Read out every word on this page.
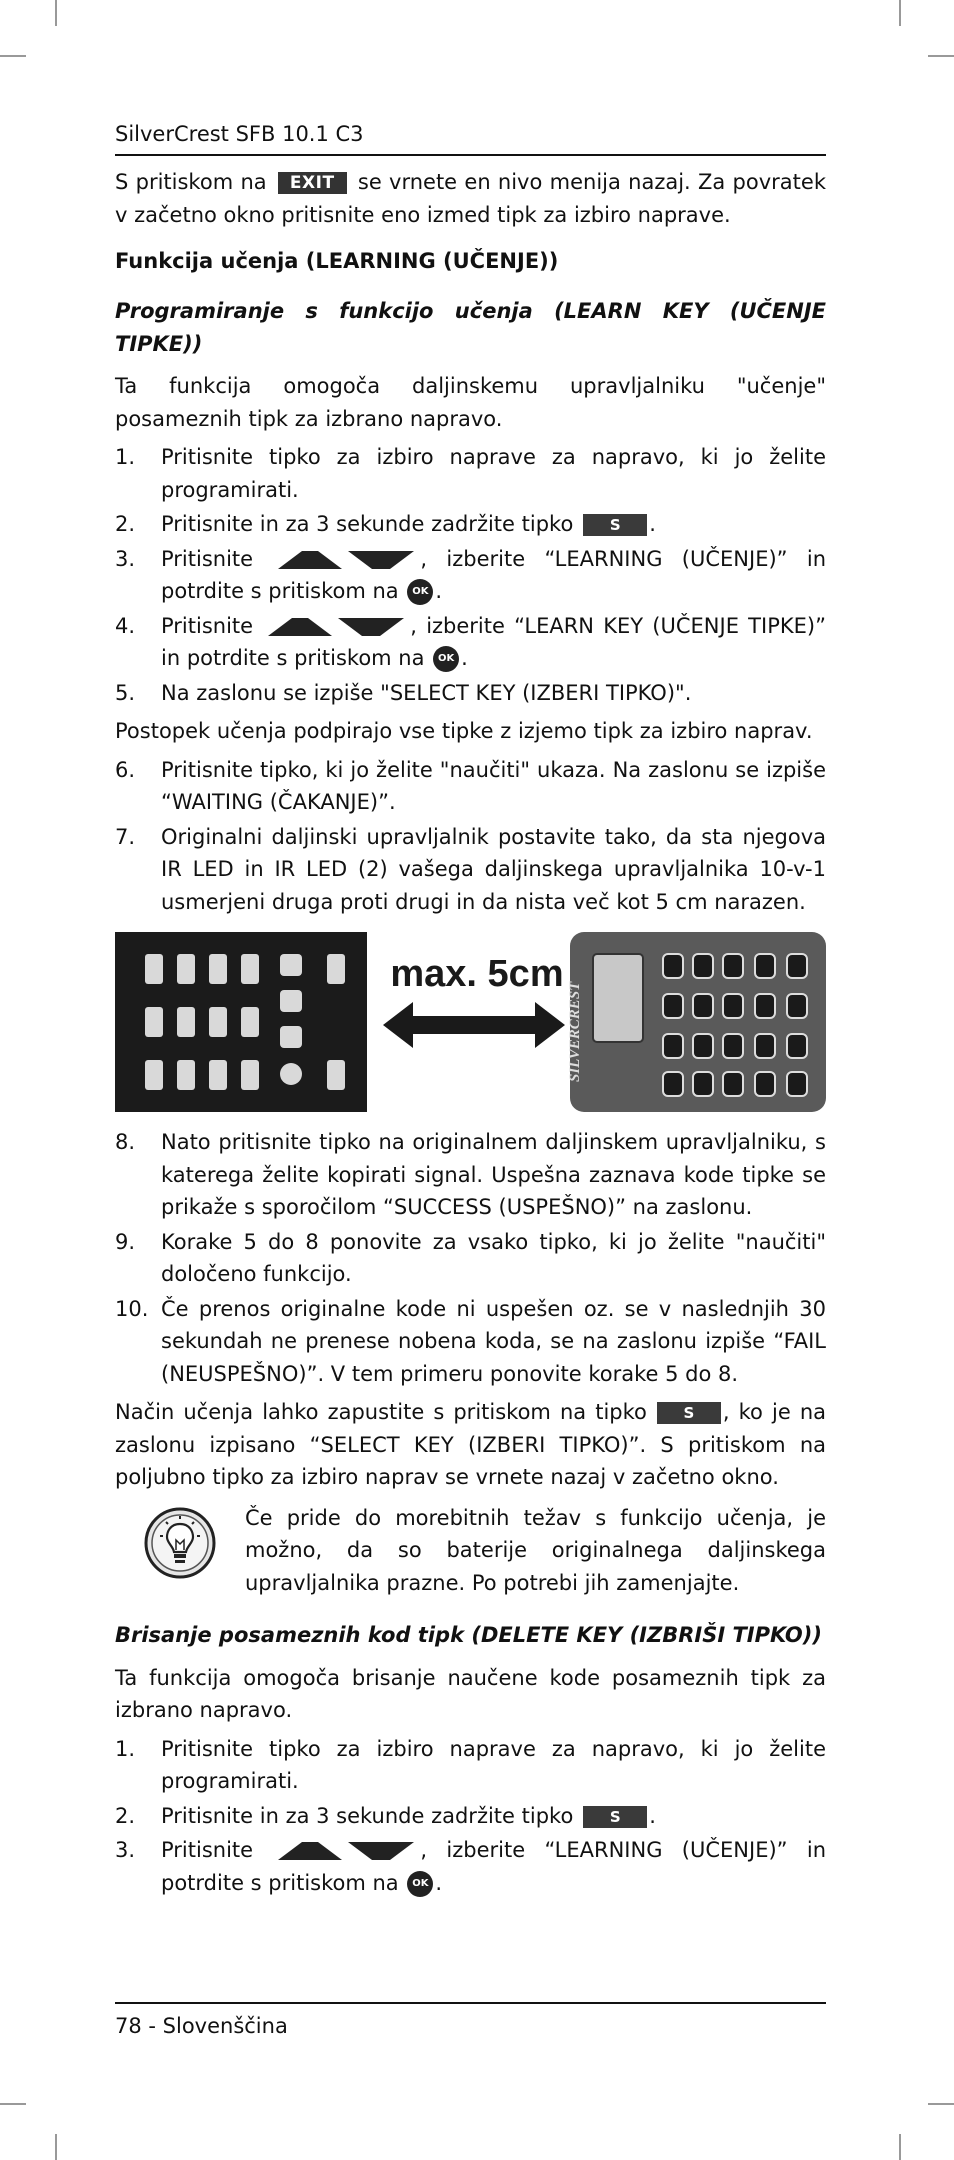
SilverCrest SFB 10.1 C3

S pritiskom na EXIT se vrnete en nivo menija nazaj. Za povratek v začetno okno pritisnite eno izmed tipk za izbiro naprave.

Funkcija učenja (LEARNING (UČENJE))
Programiranje s funkcijo učenja (LEARN KEY (UČENJE TIPKE))

Ta funkcija omogoča daljinskemu upravljalniku "učenje" posameznih tipk za izbrano napravo.

1. Pritisnite tipko za izbiro naprave za napravo, ki jo želite programirati.
2. Pritisnite in za 3 sekunde zadržite tipko S .
3. Pritisnite	, izberite “LEARNING (UČENJE)” in potrdite s pritiskom na OK .
4. Pritisnite	, izberite “LEARN KEY (UČENJE TIPKE)” in potrdite s pritiskom na OK .
5. Na zaslonu se izpiše "SELECT KEY (IZBERI TIPKO)".

Postopek učenja podpirajo vse tipke z izjemo tipk za izbiro naprav.

6. Pritisnite tipko, ki jo želite "naučiti" ukaza. Na zaslonu se izpiše “WAITING (ČAKANJE)”.
7. Originalni daljinski upravljalnik postavite tako, da sta njegova IR LED in IR LED (2) vašega daljinskega upravljalnika 10-v-1 usmerjeni druga proti drugi in da nista več kot 5 cm narazen.
max. 5cm
SILVERCREST
8. Nato pritisnite tipko na originalnem daljinskem upravljalniku, s katerega želite kopirati signal. Uspešna zaznava kode tipke se prikaže s sporočilom “SUCCESS (USPEŠNO)” na zaslonu.
9. Korake 5 do 8 ponovite za vsako tipko, ki jo želite "naučiti" določeno funkcijo.
10. Če prenos originalne kode ni uspešen oz. se v naslednjih 30 sekundah ne prenese nobena koda, se na zaslonu izpiše “FAIL (NEUSPEŠNO)”. V tem primeru ponovite korake 5 do 8.

Način učenja lahko zapustite s pritiskom na tipko S , ko je na zaslonu izpisano “SELECT KEY (IZBERI TIPKO)”. S pritiskom na poljubno tipko za izbiro naprav se vrnete nazaj v začetno okno.

Če pride do morebitnih težav s funkcijo učenja, je možno, da so baterije originalnega daljinskega upravljalnika prazne. Po potrebi jih zamenjajte.
Brisanje posameznih kod tipk (DELETE KEY (IZBRIŠI TIPKO))

Ta funkcija omogoča brisanje naučene kode posameznih tipk za izbrano napravo.

1. Pritisnite tipko za izbiro naprave za napravo, ki jo želite programirati.
2. Pritisnite in za 3 sekunde zadržite tipko S .
3. Pritisnite	, izberite “LEARNING (UČENJE)” in potrdite s pritiskom na OK .
78 - Slovenščina
